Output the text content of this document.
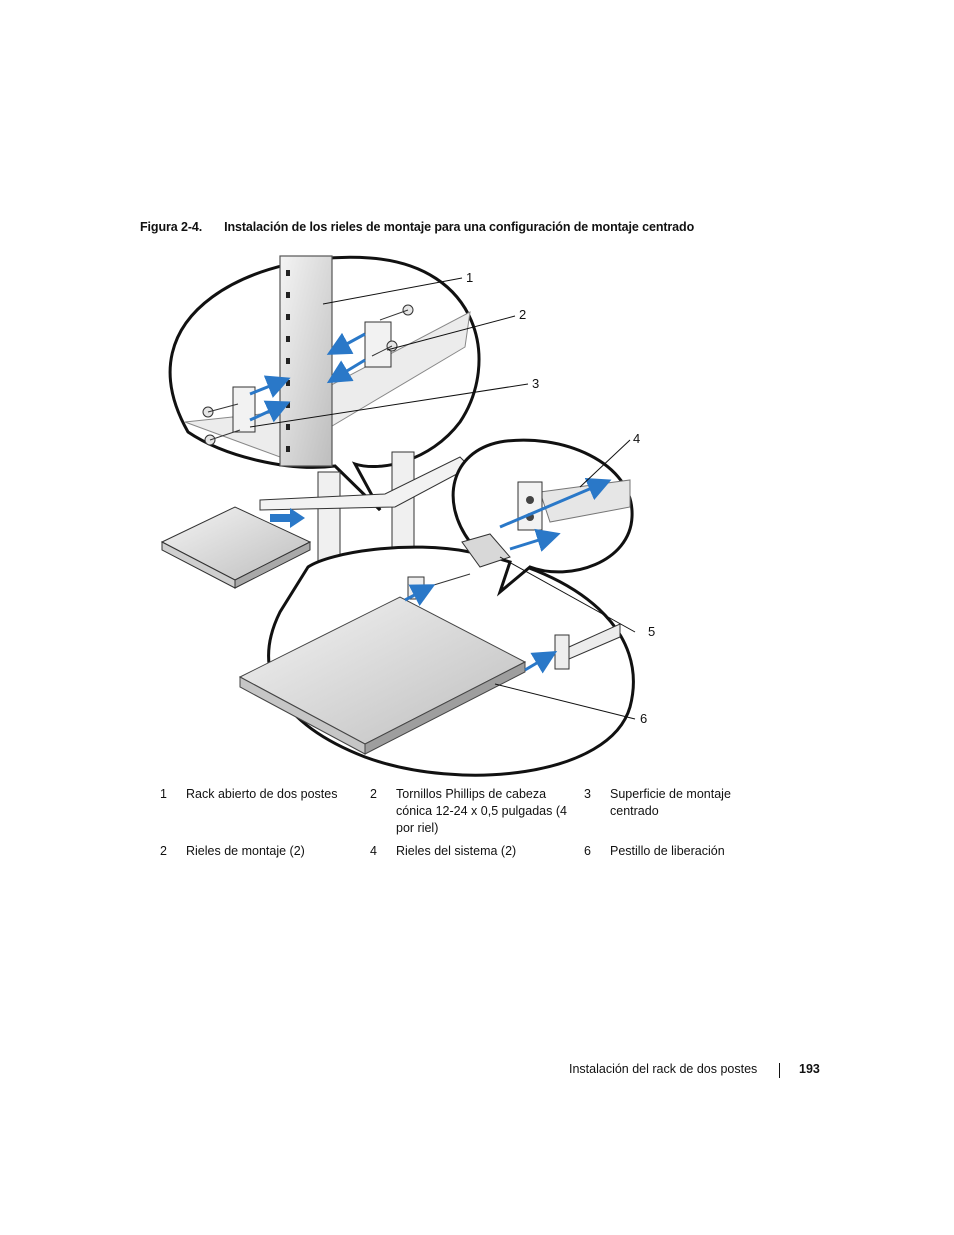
Figura 2-4. Instalación de los rieles de montaje para una configuración de montaje centrado
1
2
3
4
5
6
1	Rack abierto de dos postes	2	Tornillos Phillips de cabeza cónica 12-24 x 0,5 pulgadas (4 por riel)	3	Superficie de montaje centrado
2	Rieles de montaje (2)	4	Rieles del sistema (2)	6	Pestillo de liberación
Instalación del rack de dos postes	193
